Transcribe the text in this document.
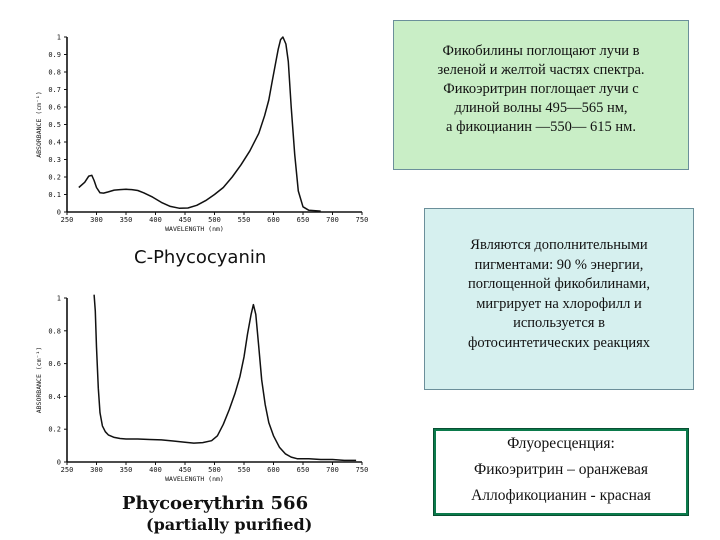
250 300 350 400 450 500 550 600 650 700 750
0
0.1
0.2
0.3
0.4
0.5
0.6
0.7
0.8
0.9
1
WAVELENGTH (nm)
ABSORBANCE (cm⁻¹)
250 300 350 400 450 500 550 600 650 700 750
0
0.2
0.4
0.6
0.8
1
WAVELENGTH (nm)
ABSORBANCE (cm⁻¹)
C-Phycocyanin
Phycoerythrin 566
(partially purified)

Фикобилины поглощают лучи в

зеленой и желтой частях спектра.

Фикоэритрин поглощает лучи с

длиной волны 495—565 нм,

а фикоцианин —550— 615 нм.

Являются дополнительными

пигментами: 90 % энергии,

поглощенной фикобилинами,

мигрирует на хлорофилл и

используется в

фотосинтетических реакциях

Флуоресценция:

Фикоэритрин – оранжевая

Аллофикоцианин - красная
